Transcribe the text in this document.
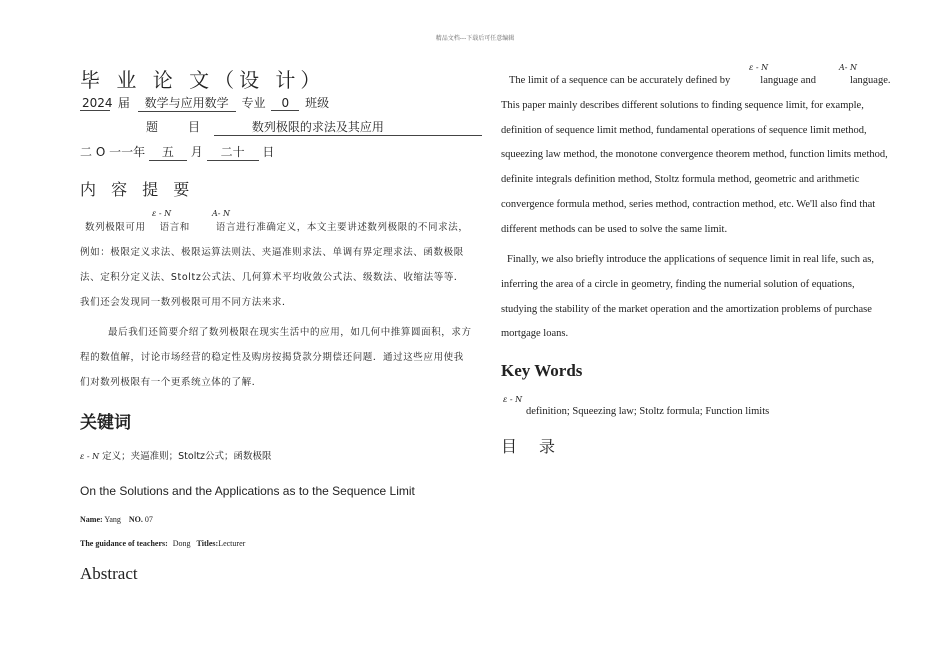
精品文档---下载后可任意编辑
毕 业 论 文（设 计）
2024 届 数学与应用数学 专业 0 班级
题　　目	数列极限的求法及其应用
二 O 一一年 五 月 二十 日
内 容 提 要
ε - N	A- N
数列极限可用 语言和	语言进行准确定义，本文主要讲述数列极限的不同求法，例如：极限定义求法、极限运算法则法、夹逼准则求法、单调有界定理求法、函数极限法、定积分定义法、Stoltz公式法、几何算术平均收敛公式法、级数法、收缩法等等．我们还会发现同一数列极限可用不同方法来求．
最后我们还简要介绍了数列极限在现实生活中的应用，如几何中推算圆面积，求方程的数值解，讨论市场经营的稳定性及购房按揭贷款分期偿还问题．通过这些应用使我们对数列极限有一个更系统立体的了解．
关键词
ε - N 定义；夹逼准则；Stoltz公式；函数极限
On the Solutions and the Applications as to the Sequence Limit
Name: Yang NO. 07
The guidance of teachers: Dong Titles:Lecturer
Abstract
ε - N	A- N
The limit of a sequence can be accurately defined by	language and	language. This paper mainly describes different solutions to finding sequence limit, for example, definition of sequence limit method, fundamental operations of sequence limit method, squeezing law method, the monotone convergence theorem method, function limits method, definite integrals definition method, Stoltz formula method, geometric and arithmetic convergence formula method, series method, contraction method, etc. We'll also find that different methods can be used to solve the same limit.
Finally, we also briefly introduce the applications of sequence limit in real life, such as, inferring the area of a circle in geometry, finding the numerial solution of equations, studying the stability of the market operation and the amortization problems of purchase mortgage loans.
Key Words
ε - N
definition; Squeezing law; Stoltz formula; Function limits
目录
